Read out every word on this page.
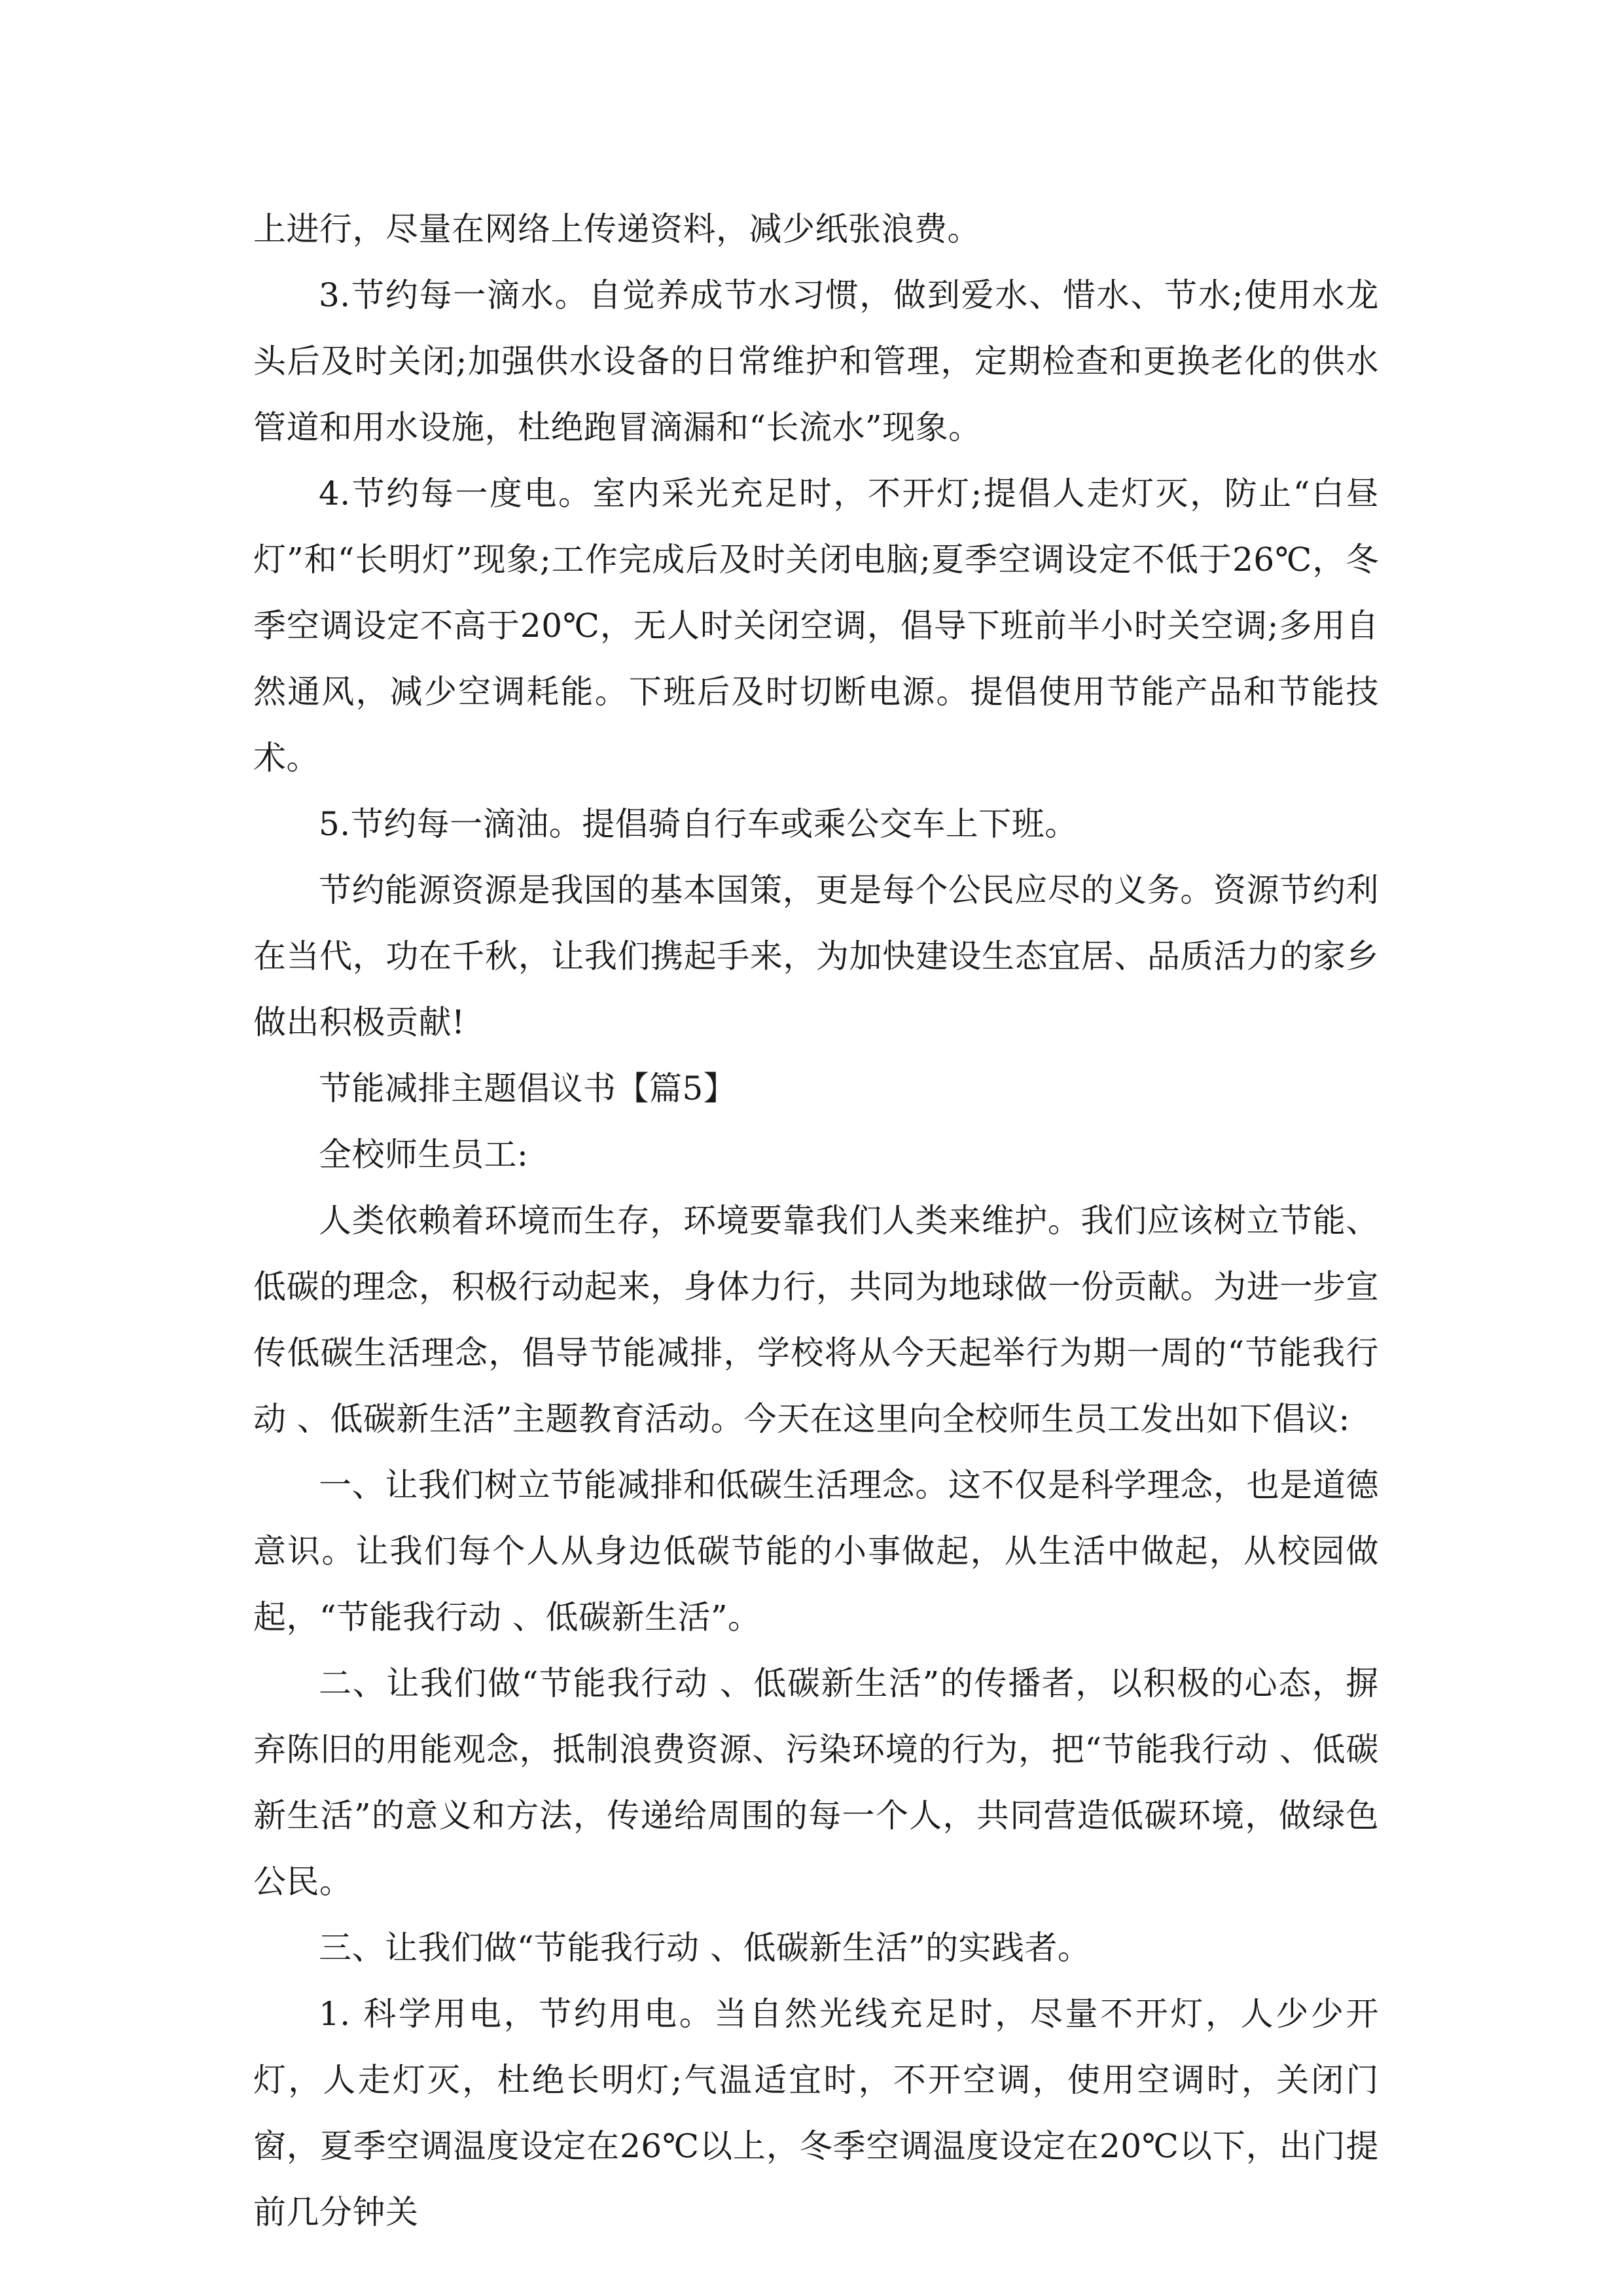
上进行，尽量在网络上传递资料，减少纸张浪费。

3.节约每一滴水。自觉养成节水习惯，做到爱水、惜水、节水;使用水龙头后及时关闭;加强供水设备的日常维护和管理，定期检查和更换老化的供水管道和用水设施，杜绝跑冒滴漏和“长流水”现象。

4.节约每一度电。室内采光充足时，不开灯;提倡人走灯灭，防止“白昼灯”和“长明灯”现象;工作完成后及时关闭电脑;夏季空调设定不低于26℃，冬季空调设定不高于20℃，无人时关闭空调，倡导下班前半小时关空调;多用自然通风，减少空调耗能。下班后及时切断电源。提倡使用节能产品和节能技术。

5.节约每一滴油。提倡骑自行车或乘公交车上下班。

节约能源资源是我国的基本国策，更是每个公民应尽的义务。资源节约利在当代，功在千秋，让我们携起手来，为加快建设生态宜居、品质活力的家乡做出积极贡献!

节能减排主题倡议书【篇5】

全校师生员工:

人类依赖着环境而生存，环境要靠我们人类来维护。我们应该树立节能、低碳的理念，积极行动起来，身体力行，共同为地球做一份贡献。为进一步宣传低碳生活理念，倡导节能减排，学校将从今天起举行为期一周的“节能我行动 、低碳新生活”主题教育活动。今天在这里向全校师生员工发出如下倡议:

一、让我们树立节能减排和低碳生活理念。这不仅是科学理念，也是道德意识。让我们每个人从身边低碳节能的小事做起，从生活中做起，从校园做起，“节能我行动 、低碳新生活”。

二、让我们做“节能我行动 、低碳新生活”的传播者，以积极的心态，摒弃陈旧的用能观念，抵制浪费资源、污染环境的行为，把“节能我行动 、低碳新生活”的意义和方法，传递给周围的每一个人，共同营造低碳环境，做绿色公民。

三、让我们做“节能我行动 、低碳新生活”的实践者。

1. 科学用电，节约用电。当自然光线充足时，尽量不开灯，人少少开灯，人走灯灭，杜绝长明灯;气温适宜时，不开空调，使用空调时，关闭门窗，夏季空调温度设定在26℃以上，冬季空调温度设定在20℃以下，出门提前几分钟关
